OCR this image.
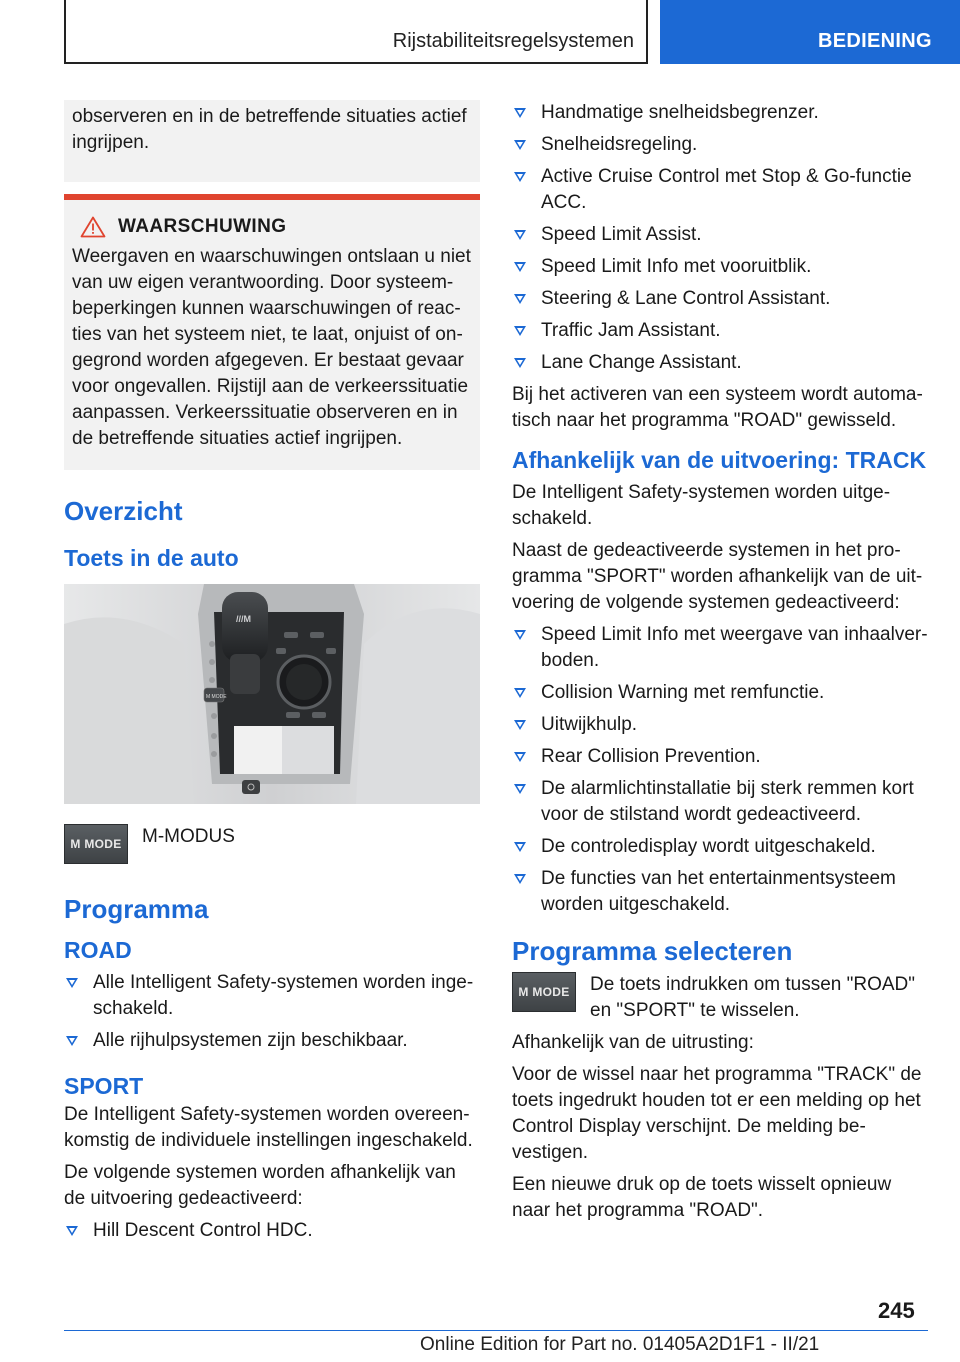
Rijstabiliteitsregelsystemen	BEDIENING

observeren en in de betreffende situaties actief ingrijpen.

WAARSCHUWING

Weergaven en waarschuwingen ontslaan u niet van uw eigen verantwoording. Door systeembeperkingen kunnen waarschuwingen of reacties van het systeem niet, te laat, onjuist of ongegrond worden afgegeven. Er bestaat gevaar voor ongevallen. Rijstijl aan de verkeerssituatie aanpassen. Verkeerssituatie observeren en in de betreffende situaties actief ingrijpen.

Overzicht
Toets in de auto
///M
M MODE
M MODE	M-MODUS
Programma
ROAD
Alle Intelligent Safety-systemen worden ingeschakeld.
Alle rijhulpsystemen zijn beschikbaar.
SPORT

De Intelligent Safety-systemen worden overeenkomstig de individuele instellingen ingeschakeld.

De volgende systemen worden afhankelijk van de uitvoering gedeactiveerd:

Hill Descent Control HDC.
Handmatige snelheidsbegrenzer.
Snelheidsregeling.
Active Cruise Control met Stop & Go-functie ACC.
Speed Limit Assist.
Speed Limit Info met vooruitblik.
Steering & Lane Control Assistant.
Traffic Jam Assistant.
Lane Change Assistant.

Bij het activeren van een systeem wordt automatisch naar het programma "ROAD" gewisseld.

Afhankelijk van de uitvoering: TRACK

De Intelligent Safety-systemen worden uitgeschakeld.

Naast de gedeactiveerde systemen in het programma "SPORT" worden afhankelijk van de uitvoering de volgende systemen gedeactiveerd:

Speed Limit Info met weergave van inhaalverboden.
Collision Warning met remfunctie.
Uitwijkhulp.
Rear Collision Prevention.
De alarmlichtinstallatie bij sterk remmen kort voor de stilstand wordt gedeactiveerd.
De controledisplay wordt uitgeschakeld.
De functies van het entertainmentsysteem worden uitgeschakeld.
Programma selecteren
M MODE	De toets indrukken om tussen "ROAD" en "SPORT" te wisselen.

Afhankelijk van de uitrusting:

Voor de wissel naar het programma "TRACK" de toets ingedrukt houden tot er een melding op het Control Display verschijnt. De melding bevestigen.

Een nieuwe druk op de toets wisselt opnieuw naar het programma "ROAD".

245
Online Edition for Part no. 01405A2D1F1 - II/21
